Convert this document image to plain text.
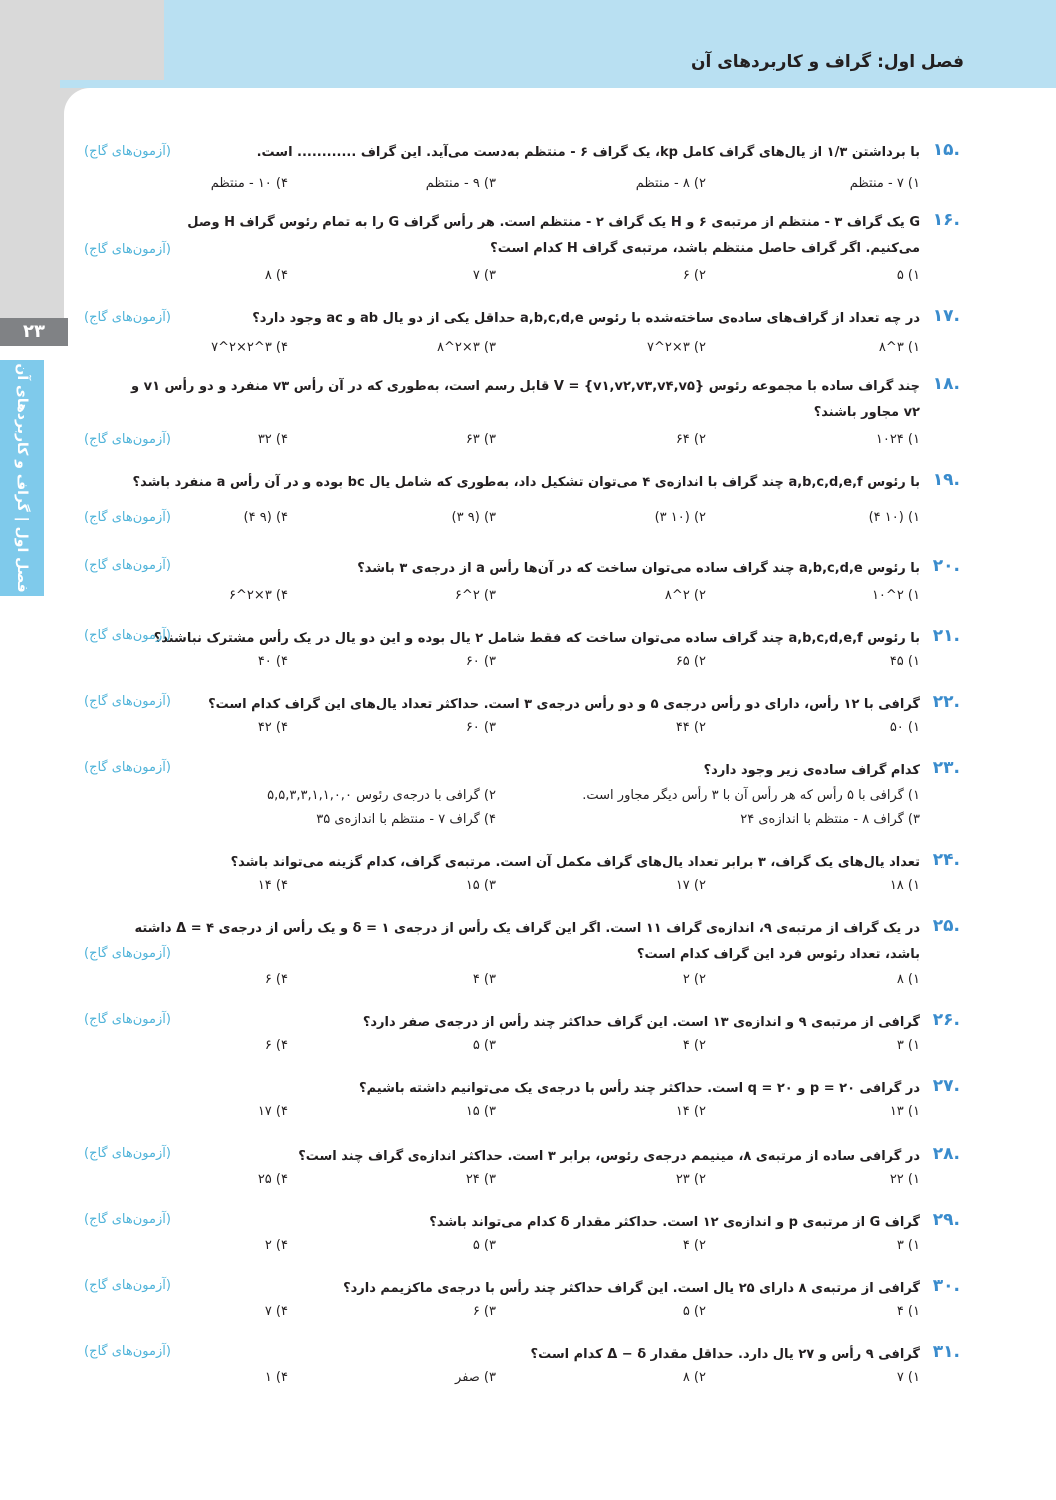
فصل اول: گراف و کاربردهای آن
۲۳
فصل اول | گراف و کاربردهای آن
۱۵.
با برداشتن ۱/۳ از یال‌های گراف کامل kp، یک گراف ۶ - منتظم به‌دست می‌آید. این گراف ............ است.
(آزمون‌های گاج)
۱) ۷ - منتظم
۲) ۸ - منتظم
۳) ۹ - منتظم
۴) ۱۰ - منتظم
۱۶.
G یک گراف ۳ - منتظم از مرتبه‌ی ۶ و H یک گراف ۲ - منتظم است. هر رأس گراف G را به تمام رئوس گراف H وصل می‌کنیم. اگر گراف حاصل منتظم باشد، مرتبه‌ی گراف H کدام است؟
(آزمون‌های گاج)
۱) ۵
۲) ۶
۳) ۷
۴) ۸
۱۷.
در چه تعداد از گراف‌های ساده‌ی ساخته‌شده با رئوس a,b,c,d,e حداقل یکی از دو یال ab و ac وجود دارد؟
(آزمون‌های گاج)
۱) ۳^۸
۲) ۳×۲^۷
۳) ۳×۲^۸
۴) ۳^۲×۲^۷
۱۸.
چند گراف ساده با مجموعه رئوس V = {v۱,v۲,v۳,v۴,v۵} قابل رسم است، به‌طوری که در آن رأس v۳ منفرد و دو رأس v۱ و v۲ مجاور باشند؟
(آزمون‌های گاج)	۱) ۱۰۲۴
۲) ۶۴
۳) ۶۳
۴) ۳۲
۱۹.
با رئوس a,b,c,d,e,f چند گراف با اندازه‌ی ۴ می‌توان تشکیل داد، به‌طوری که شامل یال bc بوده و در آن رأس a منفرد باشد؟
(آزمون‌های گاج)	۱) (۱۰ ۴)
۲) (۱۰ ۳)
۳) (۹ ۳)
۴) (۹ ۴)
۲۰.
با رئوس a,b,c,d,e چند گراف ساده می‌توان ساخت که در آن‌ها رأس a از درجه‌ی ۳ باشد؟
(آزمون‌های گاج)
۱) ۲^۱۰
۲) ۲^۸
۳) ۲^۶
۴) ۳×۲^۶
۲۱.
با رئوس a,b,c,d,e,f چند گراف ساده می‌توان ساخت که فقط شامل ۲ یال بوده و این دو یال در یک رأس مشترک نباشند؟
(آزمون‌های گاج)
۱) ۴۵
۲) ۶۵
۳) ۶۰
۴) ۴۰
۲۲.
گرافی با ۱۲ رأس، دارای دو رأس درجه‌ی ۵ و دو رأس درجه‌ی ۳ است. حداکثر تعداد یال‌های این گراف کدام است؟
(آزمون‌های گاج)
۱) ۵۰
۲) ۴۴
۳) ۶۰
۴) ۴۲
۲۳.
کدام گراف ساده‌ی زیر وجود دارد؟
(آزمون‌های گاج)
۱) گرافی با ۵ رأس که هر رأس آن با ۳ رأس دیگر مجاور است.
۲) گرافی با درجه‌ی رئوس ۵,۵,۳,۳,۱,۱,۰,۰
۳) گراف ۸ - منتظم با اندازه‌ی ۲۴
۴) گراف ۷ - منتظم با اندازه‌ی ۳۵
۲۴.
تعداد یال‌های یک گراف، ۳ برابر تعداد یال‌های گراف مکمل آن است. مرتبه‌ی گراف، کدام گزینه می‌تواند باشد؟
۱) ۱۸
۲) ۱۷
۳) ۱۵
۴) ۱۴
۲۵.
در یک گراف از مرتبه‌ی ۹، اندازه‌ی گراف ۱۱ است. اگر این گراف یک رأس از درجه‌ی δ = ۱ و یک رأس از درجه‌ی Δ = ۴ داشته باشد، تعداد رئوس فرد این گراف کدام است؟
(آزمون‌های گاج)
۱) ۸
۲) ۲
۳) ۴
۴) ۶
۲۶.
گرافی از مرتبه‌ی ۹ و اندازه‌ی ۱۳ است. این گراف حداکثر چند رأس از درجه‌ی صفر دارد؟
(آزمون‌های گاج)
۱) ۳
۲) ۴
۳) ۵
۴) ۶
۲۷.
در گرافی p = ۲۰ و q = ۲۰ است. حداکثر چند رأس با درجه‌ی یک می‌توانیم داشته باشیم؟
۱) ۱۳
۲) ۱۴
۳) ۱۵
۴) ۱۷
۲۸.
در گرافی ساده از مرتبه‌ی ۸، مینیمم درجه‌ی رئوس، برابر ۳ است. حداکثر اندازه‌ی گراف چند است؟
(آزمون‌های گاج)
۱) ۲۲
۲) ۲۳
۳) ۲۴
۴) ۲۵
۲۹.
گراف G از مرتبه‌ی p و اندازه‌ی ۱۲ است. حداکثر مقدار δ کدام می‌تواند باشد؟
(آزمون‌های گاج)
۱) ۳
۲) ۴
۳) ۵
۴) ۲
۳۰.
گرافی از مرتبه‌ی ۸ دارای ۲۵ یال است. این گراف حداکثر چند رأس با درجه‌ی ماکزیمم دارد؟
(آزمون‌های گاج)
۱) ۴
۲) ۵
۳) ۶
۴) ۷
۳۱.
گرافی ۹ رأس و ۲۷ یال دارد. حداقل مقدار Δ − δ کدام است؟
(آزمون‌های گاج)
۱) ۷
۲) ۸
۳) صفر
۴) ۱
